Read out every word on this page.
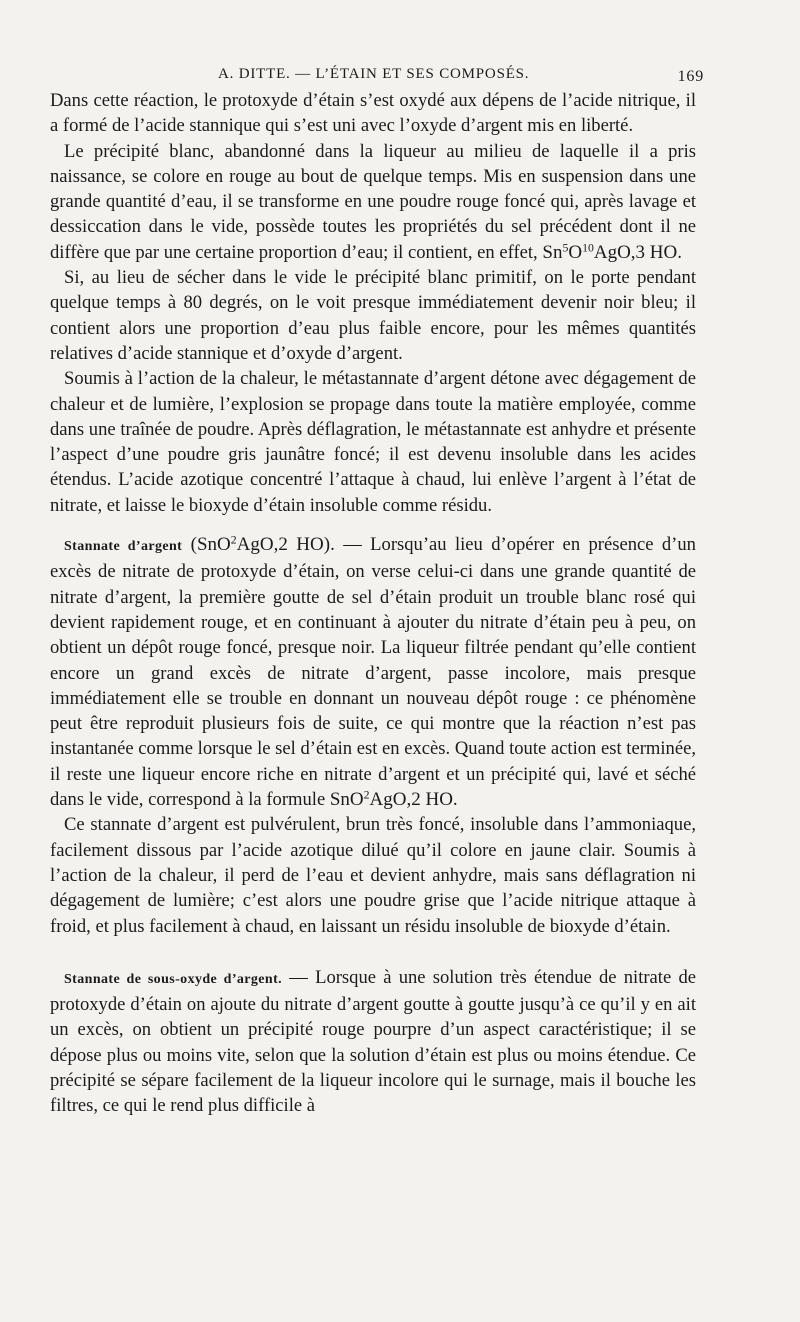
A. DITTE. — L’ÉTAIN ET SES COMPOSÉS.	169

Dans cette réaction, le protoxyde d’étain s’est oxydé aux dépens de l’acide nitrique, il a formé de l’acide stannique qui s’est uni avec l’oxyde d’argent mis en liberté.

Le précipité blanc, abandonné dans la liqueur au milieu de laquelle il a pris naissance, se colore en rouge au bout de quelque temps. Mis en suspension dans une grande quantité d’eau, il se transforme en une poudre rouge foncé qui, après lavage et dessiccation dans le vide, possède toutes les propriétés du sel précédent dont il ne diffère que par une certaine proportion d’eau; il contient, en effet, $Sn^5O^{10}AgO,3$ HO.

Si, au lieu de sécher dans le vide le précipité blanc primitif, on le porte pendant quelque temps à 80 degrés, on le voit presque immédiatement devenir noir bleu; il contient alors une proportion d’eau plus faible encore, pour les mêmes quantités relatives d’acide stannique et d’oxyde d’argent.

Soumis à l’action de la chaleur, le métastannate d’argent détone avec dégagement de chaleur et de lumière, l’explosion se propage dans toute la matière employée, comme dans une traînée de poudre. Après déflagration, le métastannate est anhydre et présente l’aspect d’une poudre gris jaunâtre foncé; il est devenu insoluble dans les acides étendus. L’acide azotique concentré l’attaque à chaud, lui enlève l’argent à l’état de nitrate, et laisse le bioxyde d’étain insoluble comme résidu.

Stannate d’argent (SnO$^2$AgO,2 HO). — Lorsqu’au lieu d’opérer en présence d’un excès de nitrate de protoxyde d’étain, on verse celui-ci dans une grande quantité de nitrate d’argent, la première goutte de sel d’étain produit un trouble blanc rosé qui devient rapidement rouge, et en continuant à ajouter du nitrate d’étain peu à peu, on obtient un dépôt rouge foncé, presque noir. La liqueur filtrée pendant qu’elle contient encore un grand excès de nitrate d’argent, passe incolore, mais presque immédiatement elle se trouble en donnant un nouveau dépôt rouge : ce phénomène peut être reproduit plusieurs fois de suite, ce qui montre que la réaction n’est pas instantanée comme lorsque le sel d’étain est en excès. Quand toute action est terminée, il reste une liqueur encore riche en nitrate d’argent et un précipité qui, lavé et séché dans le vide, correspond à la formule SnO$^2$AgO,2 HO.

Ce stannate d’argent est pulvérulent, brun très foncé, insoluble dans l’ammoniaque, facilement dissous par l’acide azotique dilué qu’il colore en jaune clair. Soumis à l’action de la chaleur, il perd de l’eau et devient anhydre, mais sans déflagration ni dégagement de lumière; c’est alors une poudre grise que l’acide nitrique attaque à froid, et plus facilement à chaud, en laissant un résidu insoluble de bioxyde d’étain.

Stannate de sous-oxyde d’argent. — Lorsque à une solution très étendue de nitrate de protoxyde d’étain on ajoute du nitrate d’argent goutte à goutte jusqu’à ce qu’il y en ait un excès, on obtient un précipité rouge pourpre d’un aspect caractéristique; il se dépose plus ou moins vite, selon que la solution d’étain est plus ou moins étendue. Ce précipité se sépare facilement de la liqueur incolore qui le surnage, mais il bouche les filtres, ce qui le rend plus difficile à
